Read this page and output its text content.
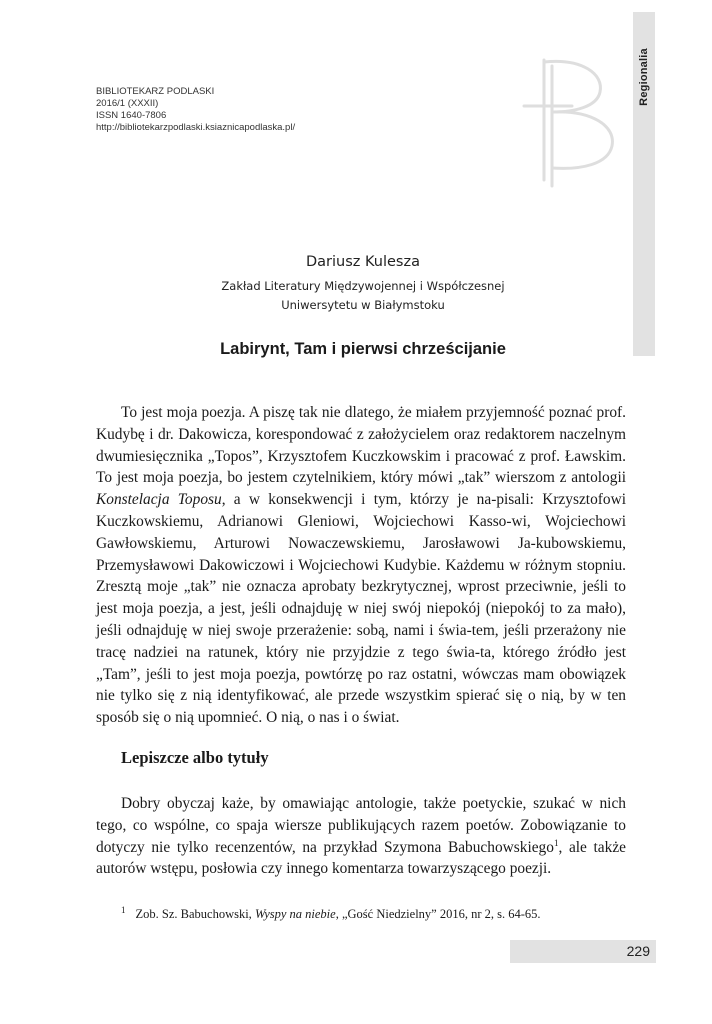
Regionalia
BIBLIOTEKARZ PODLASKI
2016/1 (XXXII)
ISSN 1640-7806
http://bibliotekarzpodlaski.ksiaznicapodlaska.pl/
Dariusz Kulesza
Zakład Literatury Międzywojennej i Współczesnej
Uniwersytetu w Białymstoku
Labirynt, Tam i pierwsi chrześcijanie

To jest moja poezja. A piszę tak nie dlatego, że miałem przyjemność poznać prof. Kudybę i dr. Dakowicza, korespondować z założycielem oraz redaktorem naczelnym dwumiesięcznika „Topos”, Krzysztofem Kuczkowskim i pracować z prof. Ławskim. To jest moja poezja, bo jestem czytelnikiem, który mówi „tak” wierszom z antologii Konstelacja Toposu, a w konsekwencji i tym, którzy je na-pisali: Krzysztofowi Kuczkowskiemu, Adrianowi Gleniowi, Wojciechowi Kasso-wi, Wojciechowi Gawłowskiemu, Arturowi Nowaczewskiemu, Jarosławowi Ja-kubowskiemu, Przemysławowi Dakowiczowi i Wojciechowi Kudybie. Każdemu w różnym stopniu. Zresztą moje „tak” nie oznacza aprobaty bezkrytycznej, wprost przeciwnie, jeśli to jest moja poezja, a jest, jeśli odnajduję w niej swój niepokój (niepokój to za mało), jeśli odnajduję w niej swoje przerażenie: sobą, nami i świa-tem, jeśli przerażony nie tracę nadziei na ratunek, który nie przyjdzie z tego świa-ta, którego źródło jest „Tam”, jeśli to jest moja poezja, powtórzę po raz ostatni, wówczas mam obowiązek nie tylko się z nią identyfikować, ale przede wszystkim spierać się o nią, by w ten sposób się o nią upomnieć. O nią, o nas i o świat.

Lepiszcze albo tytuły

Dobry obyczaj każe, by omawiając antologie, także poetyckie, szukać w nich tego, co wspólne, co spaja wiersze publikujących razem poetów. Zobowiązanie to dotyczy nie tylko recenzentów, na przykład Szymona Babuchowskiego$^1$, ale także autorów wstępu, posłowia czy innego komentarza towarzyszącego poezji.

$^1$ Zob. Sz. Babuchowski, Wyspy na niebie, „Gość Niedzielny” 2016, nr 2, s. 64-65.
229
